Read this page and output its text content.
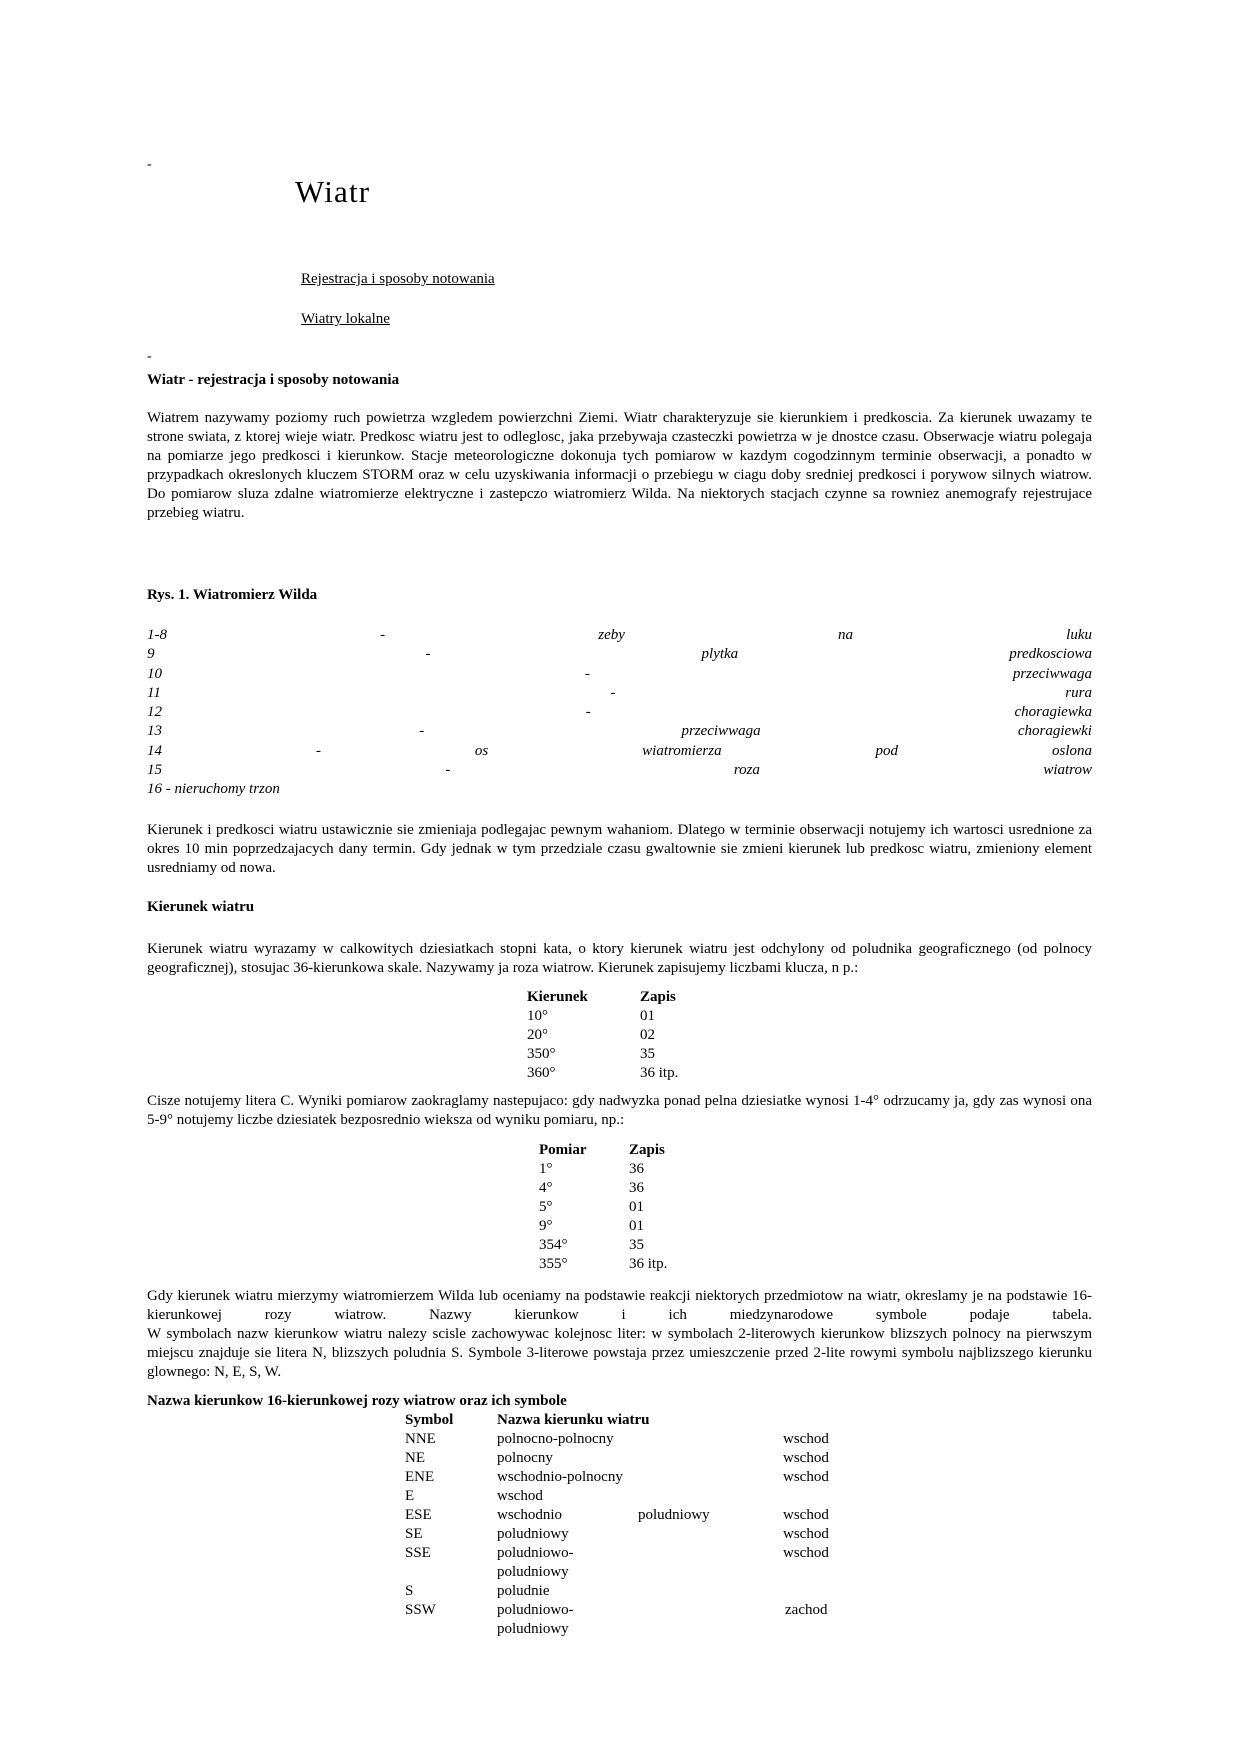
-
Wiatr
Rejestracja i sposoby notowania
Wiatry lokalne
-

Wiatr - rejestracja i sposoby notowania

Wiatrem nazywamy poziomy ruch powietrza wzgledem powierzchni Ziemi. Wiatr charakteryzuje sie kierunkiem i predkoscia. Za kierunek uwazamy te strone swiata, z ktorej wieje wiatr. Predkosc wiatru jest to odleglosc, jaka przebywaja czasteczki powietrza w je dnostce czasu. Obserwacje wiatru polegaja na pomiarze jego predkosci i kierunkow. Stacje meteorologiczne dokonuja tych pomiarow w kazdym cogodzinnym terminie obserwacji, a ponadto w przypadkach okreslonych kluczem STORM oraz w celu uzyskiwania informacji o przebiegu w ciagu doby sredniej predkosci i porywow silnych wiatrow. Do pomiarow sluza zdalne wiatromierze elektryczne i zastepczo wiatromierz Wilda. Na niektorych stacjach czynne sa rowniez anemografy rejestrujace przebieg wiatru.

Rys. 1. Wiatromierz Wilda

1-8	-	zeby	na	luku
9	-	plytka	predkosciowa
10	-	przeciwwaga
11	-	rura
12	-	choragiewka
13	-	przeciwwaga	choragiewki
14	-	os	wiatromierza	pod	oslona
15	-	roza	wiatrow
16 - nieruchomy trzon

Kierunek i predkosci wiatru ustawicznie sie zmieniaja podlegajac pewnym wahaniom. Dlatego w terminie obserwacji notujemy ich wartosci usrednione za okres 10 min poprzedzajacych dany termin. Gdy jednak w tym przedziale czasu gwaltownie sie zmieni kierunek lub predkosc wiatru, zmieniony element usredniamy od nowa.

Kierunek wiatru

Kierunek wiatru wyrazamy w calkowitych dziesiatkach stopni kata, o ktory kierunek wiatru jest odchylony od poludnika geograficznego (od polnocy geograficznej), stosujac 36-kierunkowa skale. Nazywamy ja roza wiatrow. Kierunek zapisujemy liczbami klucza, n p.:

Kierunek	Zapis
10°	01
20°	02
350°	35
360°	36 itp.

Cisze notujemy litera C. Wyniki pomiarow zaokraglamy nastepujaco: gdy nadwyzka ponad pelna dziesiatke wynosi 1-4° odrzucamy ja, gdy zas wynosi ona 5-9° notujemy liczbe dziesiatek bezposrednio wieksza od wyniku pomiaru, np.:

Pomiar	Zapis
1°	36
4°	36
5°	01
9°	01
354°	35
355°	36 itp.

Gdy kierunek wiatru mierzymy wiatromierzem Wilda lub oceniamy na podstawie reakcji niektorych przedmiotow na wiatr, okreslamy je na podstawie 16-kierunkowej rozy wiatrow. Nazwy kierunkow i ich miedzynarodowe symbole podaje tabela.

W symbolach nazw kierunkow wiatru nalezy scisle zachowywac kolejnosc liter: w symbolach 2-literowych kierunkow blizszych polnocy na pierwszym miejscu znajduje sie litera N, blizszych poludnia S. Symbole 3-literowe powstaja przez umieszczenie przed 2-lite rowymi symbolu najblizszego kierunku glownego: N, E, S, W.

Nazwa kierunkow 16-kierunkowej rozy wiatrow oraz ich symbole

Symbol	Nazwa kierunku wiatru		
NNE	polnocno-polnocny		wschod
NE	polnocny		wschod
ENE	wschodnio-polnocny		wschod
E	wschod		
ESE	wschodnio	poludniowy	wschod
SE	poludniowy		wschod
SSE	poludniowo-poludniowy		wschod
S	poludnie		
SSW	poludniowo-poludniowy		zachod
